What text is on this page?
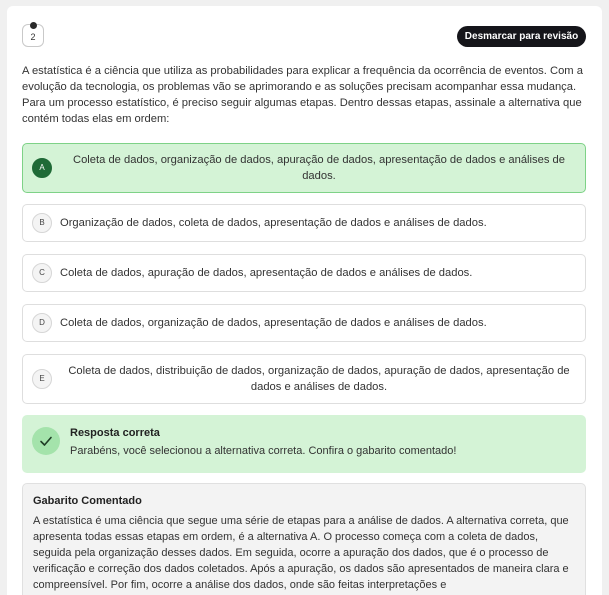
2	Desmarcar para revisão

A estatística é a ciência que utiliza as probabilidades para explicar a frequência da ocorrência de eventos. Com a evolução da tecnologia, os problemas vão se aprimorando e as soluções precisam acompanhar essa mudança. Para um processo estatístico, é preciso seguir algumas etapas. Dentro dessas etapas, assinale a alternativa que contém todas elas em ordem:

A
Coleta de dados, organização de dados, apuração de dados, apresentação de dados e análises de dados.
B	Organização de dados, coleta de dados, apresentação de dados e análises de dados.
C	Coleta de dados, apuração de dados, apresentação de dados e análises de dados.
D	Coleta de dados, organização de dados, apresentação de dados e análises de dados.
E
Coleta de dados, distribuição de dados, organização de dados, apuração de dados, apresentação de dados e análises de dados.
Resposta correta
Parabéns, você selecionou a alternativa correta. Confira o gabarito comentado!
Gabarito Comentado

A estatística é uma ciência que segue uma série de etapas para a análise de dados. A alternativa correta, que apresenta todas essas etapas em ordem, é a alternativa A. O processo começa com a coleta de dados, seguida pela organização desses dados. Em seguida, ocorre a apuração dos dados, que é o processo de verificação e correção dos dados coletados. Após a apuração, os dados são apresentados de maneira clara e compreensível. Por fim, ocorre a análise dos dados, onde são feitas interpretações e
